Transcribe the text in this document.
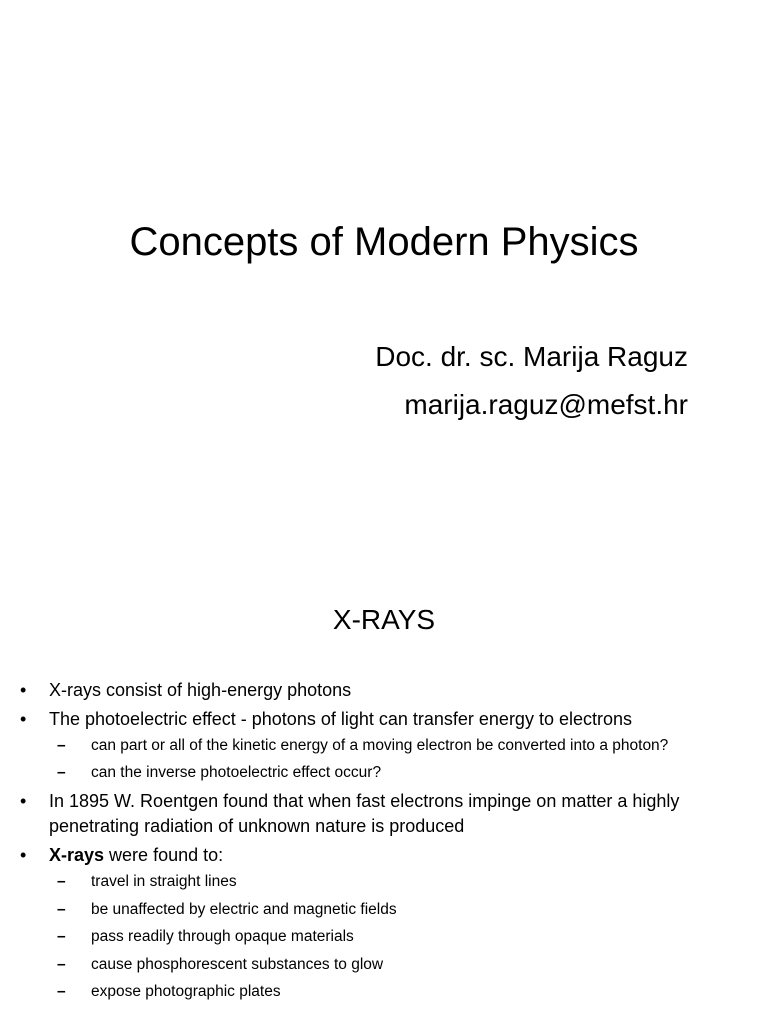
Concepts of Modern Physics
Doc. dr. sc. Marija Raguz
marija.raguz@mefst.hr
X-RAYS
•	X-rays consist of high-energy photons
•	The photoelectric effect - photons of light can transfer energy to electrons
– can part or all of the kinetic energy of a moving electron be converted into a photon?
– can the inverse photoelectric effect occur?
•	In 1895 W. Roentgen found that when fast electrons impinge on matter a highly penetrating radiation of unknown nature is produced
•	X-rays were found to:
– travel in straight lines
– be unaffected by electric and magnetic fields
– pass readily through opaque materials
– cause phosphorescent substances to glow
– expose photographic plates
